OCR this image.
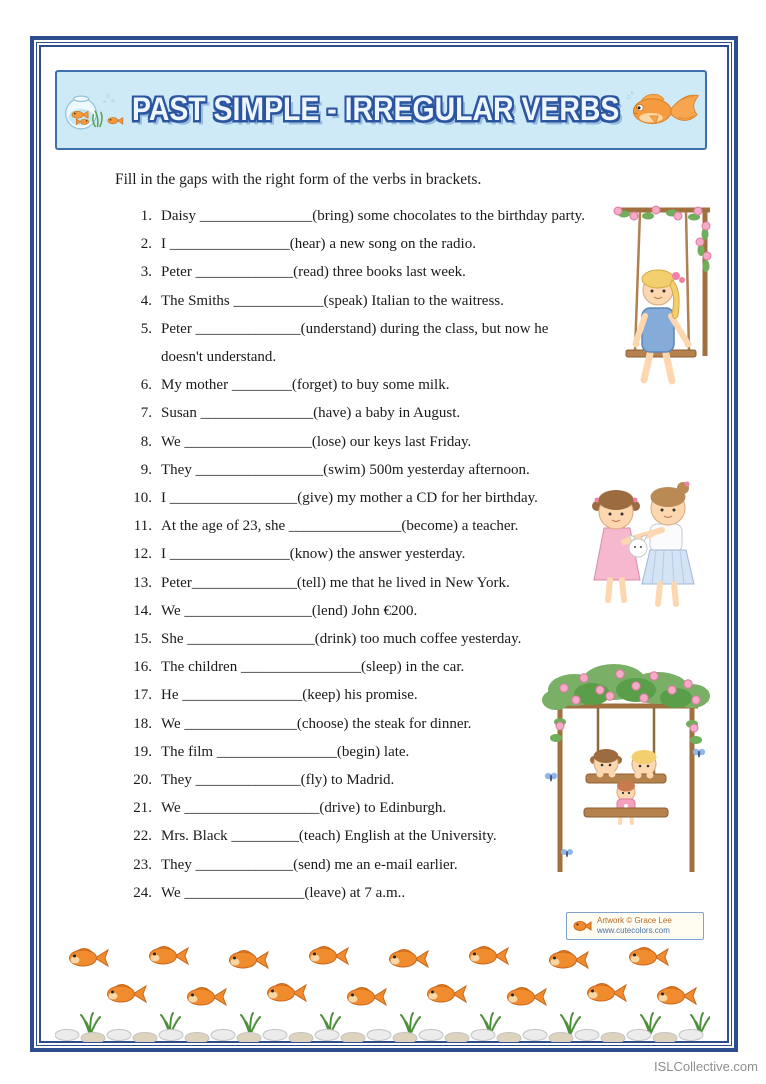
PAST SIMPLE - IRREGULAR VERBS
Fill in the gaps with the right form of the verbs in brackets.
1. Daisy _______________(bring) some chocolates to the birthday party.
2. I ________________(hear) a new song on the radio.
3. Peter _____________(read) three books last week.
4. The Smiths ____________(speak) Italian to the waitress.
5. Peter ______________(understand) during the class, but now he
doesn't understand.
6. My mother ________(forget) to buy some milk.
7. Susan _______________(have) a baby in August.
8. We _________________(lose) our keys last Friday.
9. They _________________(swim) 500m yesterday afternoon.
10. I _________________(give) my mother a CD for her birthday.
11. At the age of 23, she _______________(become) a teacher.
12. I ________________(know) the answer yesterday.
13. Peter______________(tell) me that he lived in New York.
14. We _________________(lend) John €200.
15. She _________________(drink) too much coffee yesterday.
16. The children ________________(sleep) in the car.
17. He ________________(keep) his promise.
18. We _______________(choose) the steak for dinner.
19. The film ________________(begin) late.
20. They ______________(fly) to Madrid.
21. We __________________(drive) to Edinburgh.
22. Mrs. Black _________(teach) English at the University.
23. They _____________(send) me an e-mail earlier.
24. We ________________(leave) at 7 a.m..
Artwork © Grace Lee
www.cutecolors.com
ISLCollective.com
